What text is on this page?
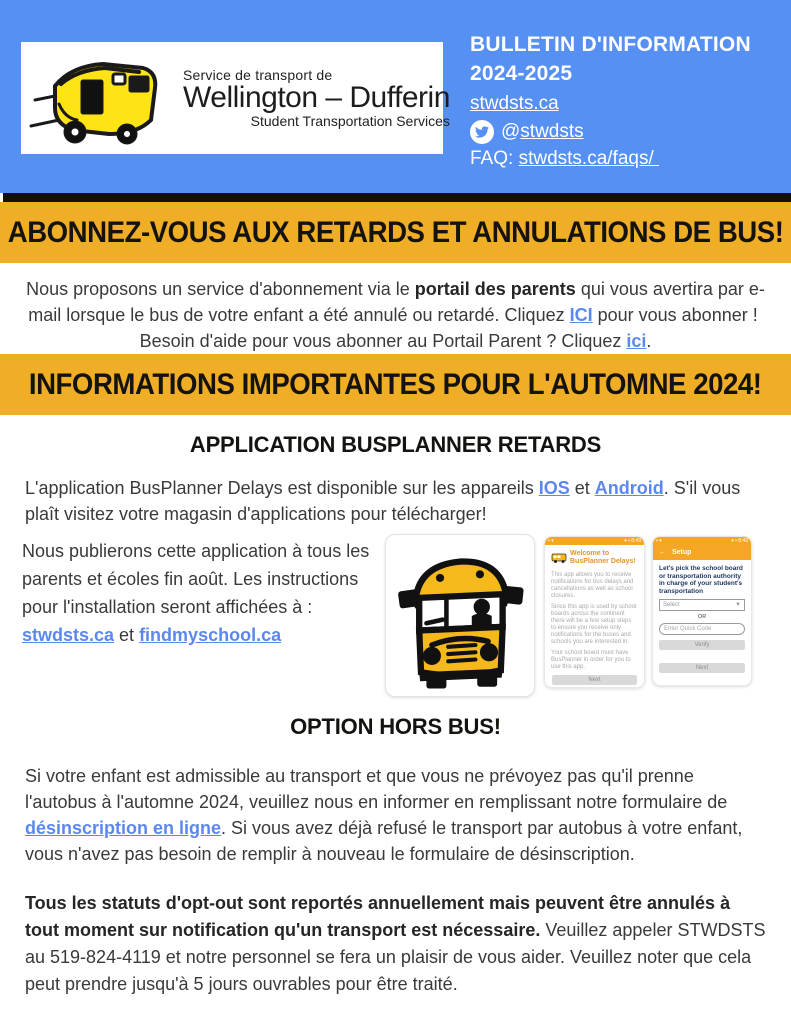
Service de transport de
Wellington – Dufferin
Student Transportation Services
BULLETIN D'INFORMATION
2024-2025
stwdsts.ca
@stwdsts
FAQ: stwdsts.ca/faqs/
ABONNEZ-VOUS AUX RETARDS ET ANNULATIONS DE BUS!

Nous proposons un service d'abonnement via le portail des parents qui vous avertira par e-mail lorsque le bus de votre enfant a été annulé ou retardé. Cliquez ICI pour vous abonner !  Besoin d'aide pour vous abonner au Portail Parent ? Cliquez ici.

INFORMATIONS IMPORTANTES POUR L'AUTOMNE 2024!
APPLICATION BUSPLANNER RETARDS

L'application BusPlanner Delays est disponible sur les appareils IOS et Android. S'il vous plaît visitez votre magasin d'applications pour télécharger!

Nous publierons cette application à tous les parents et écoles fin août. Les instructions pour l'installation seront affichées à : stwdsts.ca et findmyschool.ca

▪ ▾	▾ ▪ 8:49
Welcome to BusPlanner Delays!

This app allows you to receive notifications for bus delays and cancellations as well as school closures.

Since this app is used by school boards across the continent there will be a few setup steps to ensure you receive only notifications for the buses and schools you are interested in.

Your school board must have BusPlanner in order for you to use this app.

Next
▪ ▾	▾ ▪ 8:49
← Setup
Let's pick the school board or transportation authority in charge of your student's transportation
Select	▼
OR
Enter Quick Code
Verify
Next
OPTION HORS BUS!

Si votre enfant est admissible au transport et que vous ne prévoyez pas qu'il prenne l'autobus à l'automne 2024, veuillez nous en informer en remplissant notre formulaire de désinscription en ligne. Si vous avez déjà refusé le transport par autobus à votre enfant, vous n'avez pas besoin de remplir à nouveau le formulaire de désinscription.

Tous les statuts d'opt-out sont reportés annuellement mais peuvent être annulés à tout moment sur notification qu'un transport est nécessaire. Veuillez appeler STWDSTS au 519-824-4119 et notre personnel se fera un plaisir de vous aider. Veuillez noter que cela peut prendre jusqu'à 5 jours ouvrables pour être traité.
